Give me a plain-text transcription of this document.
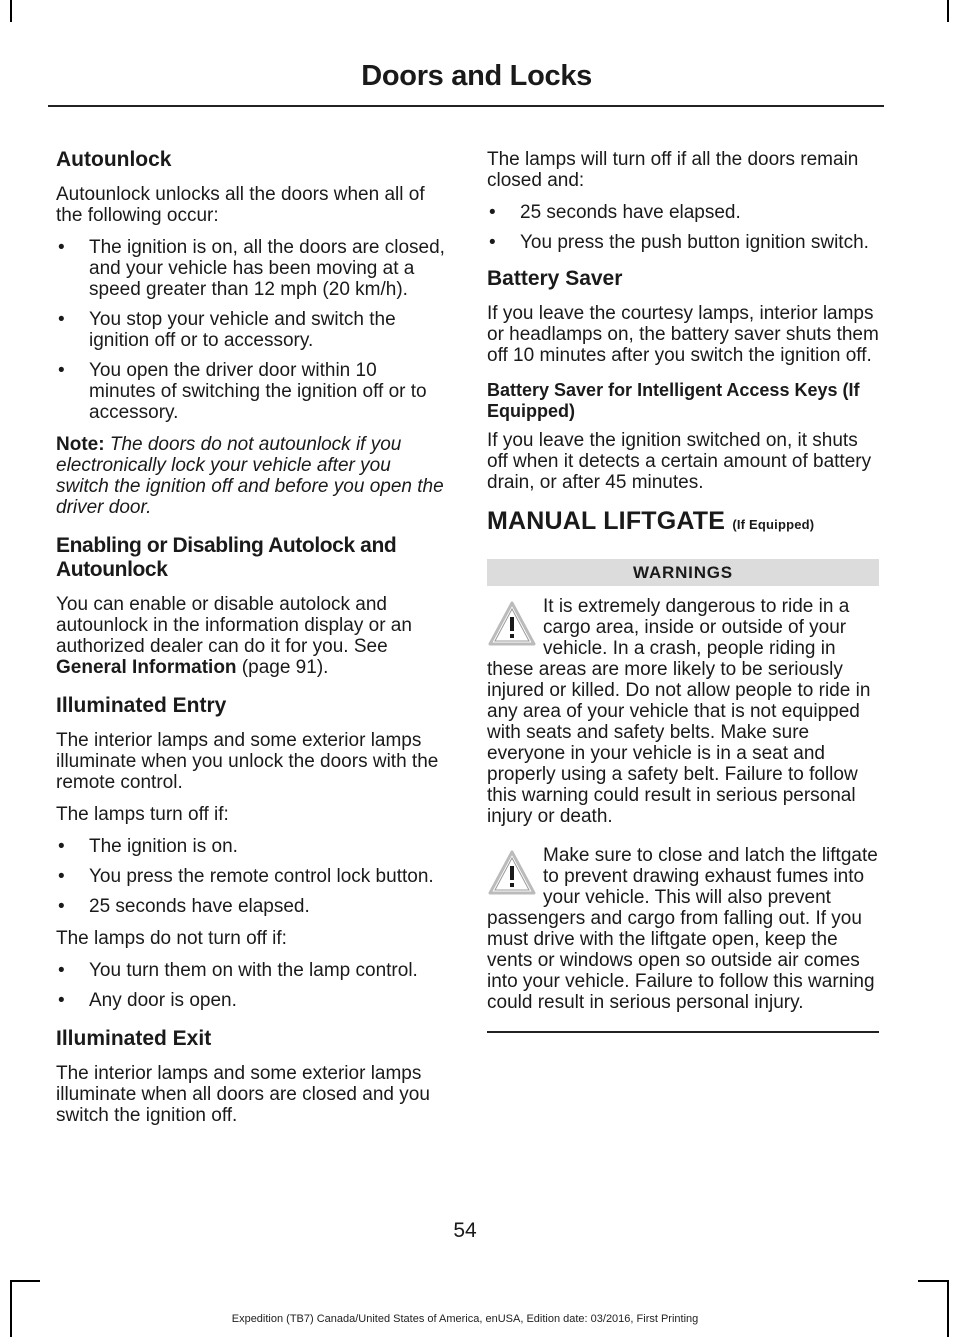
Doors and Locks
Autounlock

Autounlock unlocks all the doors when all of the following occur:

• The ignition is on, all the doors are closed, and your vehicle has been moving at a speed greater than 12 mph (20 km/h).
• You stop your vehicle and switch the ignition off or to accessory.
• You open the driver door within 10 minutes of switching the ignition off or to accessory.

Note: The doors do not autounlock if you electronically lock your vehicle after you switch the ignition off and before you open the driver door.

Enabling or Disabling Autolock and Autounlock

You can enable or disable autolock and autounlock in the information display or an authorized dealer can do it for you. See General Information (page 91).

Illuminated Entry

The interior lamps and some exterior lamps illuminate when you unlock the doors with the remote control.

The lamps turn off if:

• The ignition is on.
• You press the remote control lock button.
• 25 seconds have elapsed.

The lamps do not turn off if:

• You turn them on with the lamp control.
• Any door is open.
Illuminated Exit

The interior lamps and some exterior lamps illuminate when all doors are closed and you switch the ignition off.

The lamps will turn off if all the doors remain closed and:

• 25 seconds have elapsed.
• You press the push button ignition switch.
Battery Saver

If you leave the courtesy lamps, interior lamps or headlamps on, the battery saver shuts them off 10 minutes after you switch the ignition off.

Battery Saver for Intelligent Access Keys (If Equipped)

If you leave the ignition switched on, it shuts off when it detects a certain amount of battery drain, or after 45 minutes.

MANUAL LIFTGATE (If Equipped)
WARNINGS
It is extremely dangerous to ride in a cargo area, inside or outside of your vehicle. In a crash, people riding in these areas are more likely to be seriously injured or killed. Do not allow people to ride in any area of your vehicle that is not equipped with seats and safety belts. Make sure everyone in your vehicle is in a seat and properly using a safety belt. Failure to follow this warning could result in serious personal injury or death.
Make sure to close and latch the liftgate to prevent drawing exhaust fumes into your vehicle. This will also prevent passengers and cargo from falling out. If you must drive with the liftgate open, keep the vents or windows open so outside air comes into your vehicle. Failure to follow this warning could result in serious personal injury.
54
Expedition (TB7) Canada/United States of America, enUSA, Edition date: 03/2016, First Printing
